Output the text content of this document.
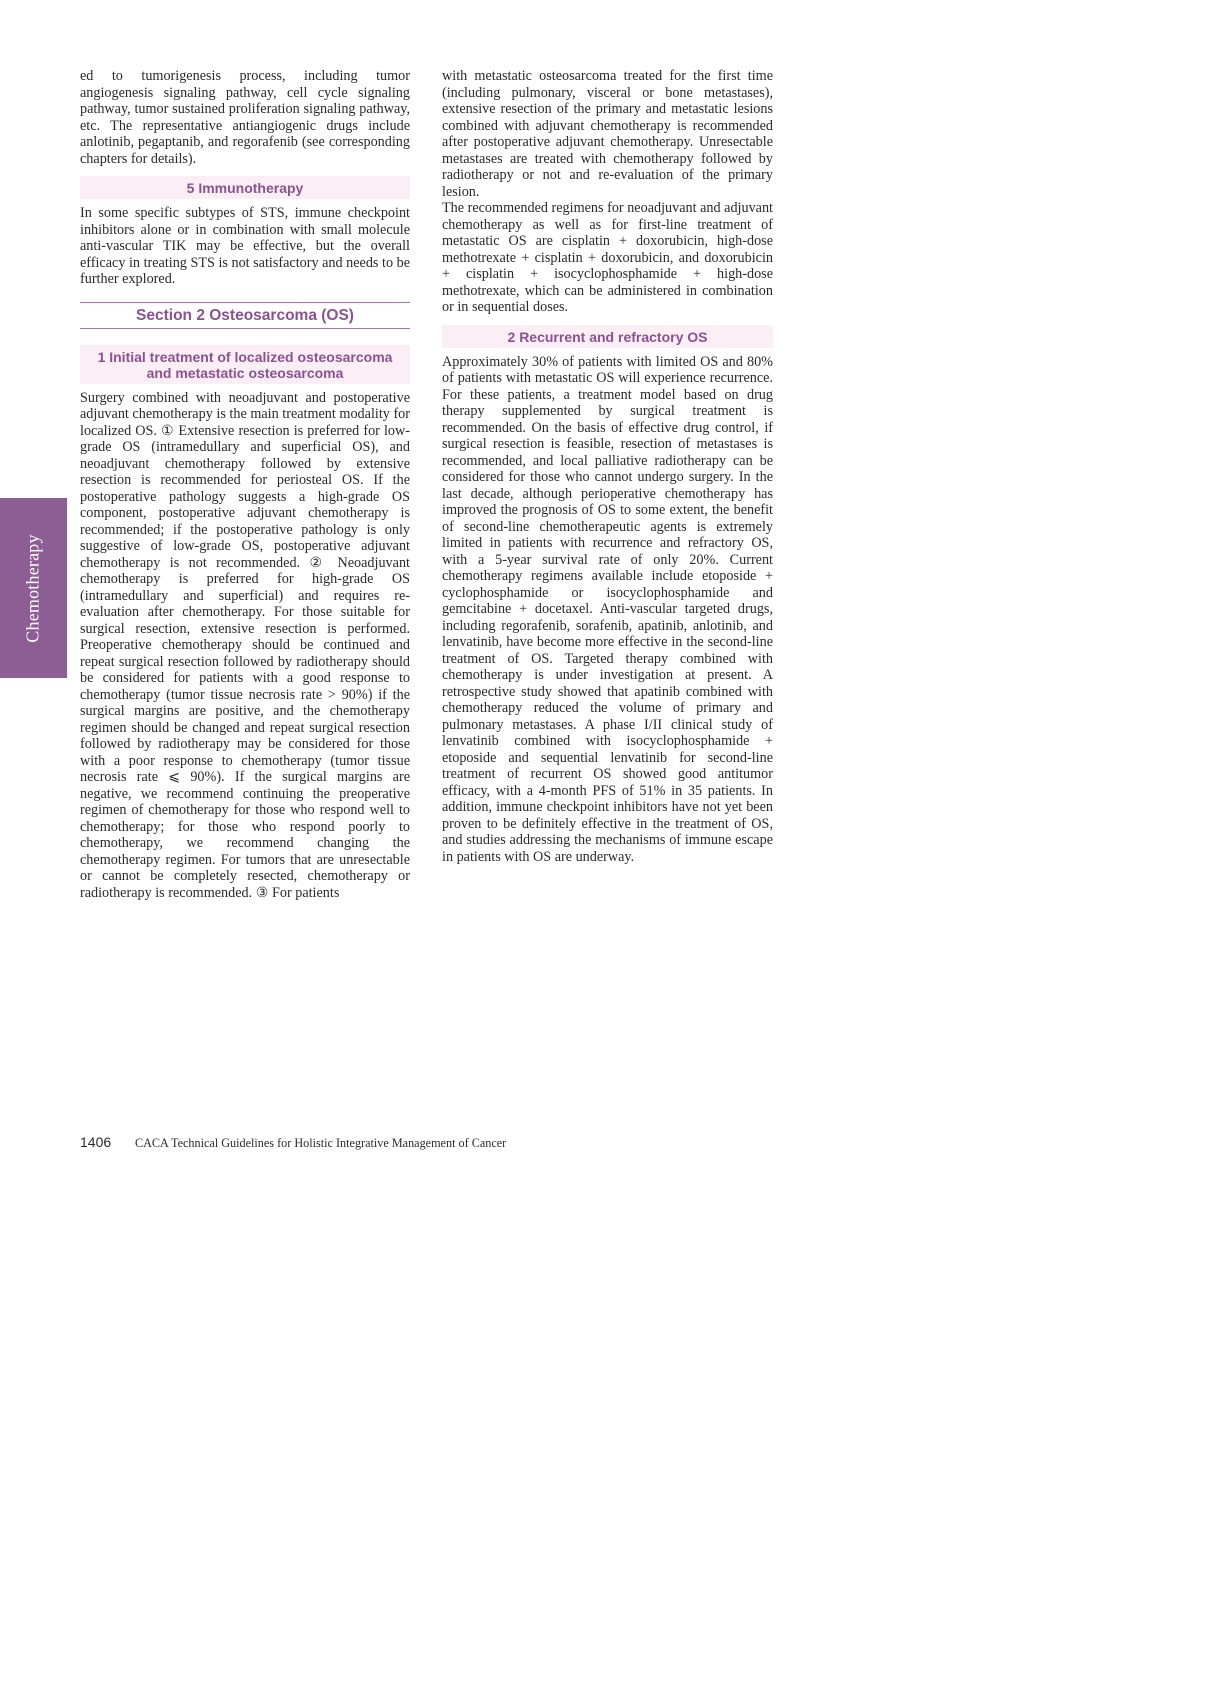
Chemotherapy

ed to tumorigenesis process, including tumor angiogenesis signaling pathway, cell cycle signaling pathway, tumor sustained proliferation signaling pathway, etc. The representative antiangiogenic drugs include anlotinib, pegaptanib, and regorafenib (see corresponding chapters for details).

5 Immunotherapy

In some specific subtypes of STS, immune checkpoint inhibitors alone or in combination with small molecule anti-vascular TIK may be effective, but the overall efficacy in treating STS is not satisfactory and needs to be further explored.

Section 2 Osteosarcoma (OS)
1 Initial treatment of localized osteosarcoma
and metastatic osteosarcoma

Surgery combined with neoadjuvant and postoperative adjuvant chemotherapy is the main treatment modality for localized OS. ① Extensive resection is preferred for low-grade OS (intramedullary and superficial OS), and neoadjuvant chemotherapy followed by extensive resection is recommended for periosteal OS. If the postoperative pathology suggests a high-grade OS component, postoperative adjuvant chemotherapy is recommended; if the postoperative pathology is only suggestive of low-grade OS, postoperative adjuvant chemotherapy is not recommended. ② Neoadjuvant chemotherapy is preferred for high-grade OS (intramedullary and superficial) and requires re-evaluation after chemotherapy. For those suitable for surgical resection, extensive resection is performed. Preoperative chemotherapy should be continued and repeat surgical resection followed by radiotherapy should be considered for patients with a good response to chemotherapy (tumor tissue necrosis rate > 90%) if the surgical margins are positive, and the chemotherapy regimen should be changed and repeat surgical resection followed by radiotherapy may be considered for those with a poor response to chemotherapy (tumor tissue necrosis rate ⩽ 90%). If the surgical margins are negative, we recommend continuing the preoperative regimen of chemotherapy for those who respond well to chemotherapy; for those who respond poorly to chemotherapy, we recommend changing the chemotherapy regimen. For tumors that are unresectable or cannot be completely resected, chemotherapy or radiotherapy is recommended. ③ For patients

with metastatic osteosarcoma treated for the first time (including pulmonary, visceral or bone metastases), extensive resection of the primary and metastatic lesions combined with adjuvant chemotherapy is recommended after postoperative adjuvant chemotherapy. Unresectable metastases are treated with chemotherapy followed by radiotherapy or not and re-evaluation of the primary lesion.

The recommended regimens for neoadjuvant and adjuvant chemotherapy as well as for first-line treatment of metastatic OS are cisplatin + doxorubicin, high-dose methotrexate + cisplatin + doxorubicin, and doxorubicin + cisplatin + isocyclophosphamide + high-dose methotrexate, which can be administered in combination or in sequential doses.

2 Recurrent and refractory OS

Approximately 30% of patients with limited OS and 80% of patients with metastatic OS will experience recurrence. For these patients, a treatment model based on drug therapy supplemented by surgical treatment is recommended. On the basis of effective drug control, if surgical resection is feasible, resection of metastases is recommended, and local palliative radiotherapy can be considered for those who cannot undergo surgery. In the last decade, although perioperative chemotherapy has improved the prognosis of OS to some extent, the benefit of second-line chemotherapeutic agents is extremely limited in patients with recurrence and refractory OS, with a 5-year survival rate of only 20%. Current chemotherapy regimens available include etoposide + cyclophosphamide or isocyclophosphamide and gemcitabine + docetaxel. Anti-vascular targeted drugs, including regorafenib, sorafenib, apatinib, anlotinib, and lenvatinib, have become more effective in the second-line treatment of OS. Targeted therapy combined with chemotherapy is under investigation at present. A retrospective study showed that apatinib combined with chemotherapy reduced the volume of primary and pulmonary metastases. A phase I/II clinical study of lenvatinib combined with isocyclophosphamide + etoposide and sequential lenvatinib for second-line treatment of recurrent OS showed good antitumor efficacy, with a 4-month PFS of 51% in 35 patients. In addition, immune checkpoint inhibitors have not yet been proven to be definitely effective in the treatment of OS, and studies addressing the mechanisms of immune escape in patients with OS are underway.

1406	CACA Technical Guidelines for Holistic Integrative Management of Cancer
